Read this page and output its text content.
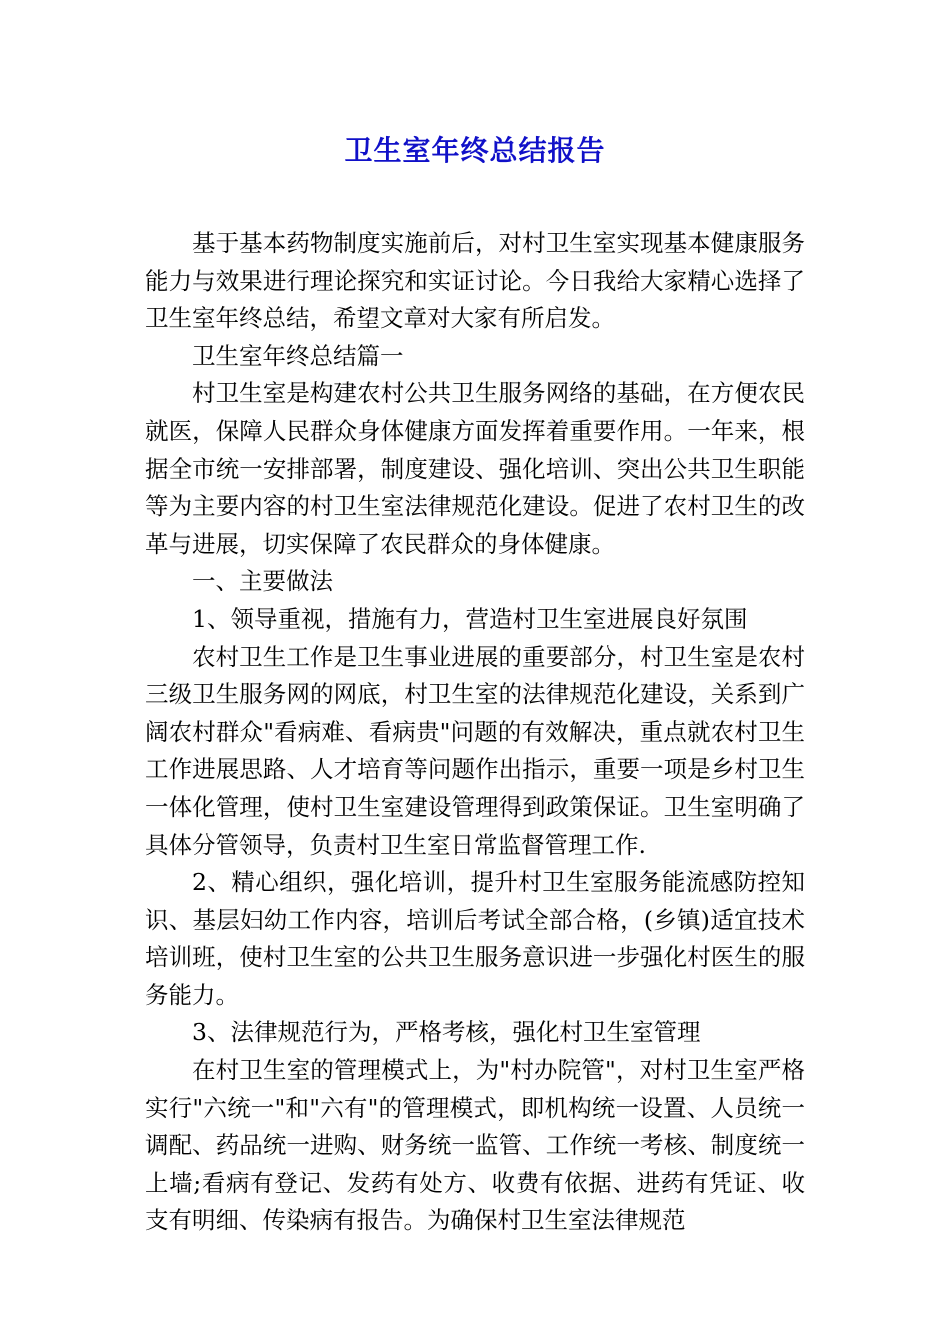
卫生室年终总结报告

基于基本药物制度实施前后，对村卫生室实现基本健康服务能力与效果进行理论探究和实证讨论。今日我给大家精心选择了卫生室年终总结，希望文章对大家有所启发。

卫生室年终总结篇一

村卫生室是构建农村公共卫生服务网络的基础，在方便农民就医，保障人民群众身体健康方面发挥着重要作用。一年来，根据全市统一安排部署，制度建设、强化培训、突出公共卫生职能等为主要内容的村卫生室法律规范化建设。促进了农村卫生的改革与进展，切实保障了农民群众的身体健康。

一、主要做法

1、领导重视，措施有力，营造村卫生室进展良好氛围

农村卫生工作是卫生事业进展的重要部分，村卫生室是农村三级卫生服务网的网底，村卫生室的法律规范化建设，关系到广阔农村群众"看病难、看病贵"问题的有效解决，重点就农村卫生工作进展思路、人才培育等问题作出指示，重要一项是乡村卫生一体化管理，使村卫生室建设管理得到政策保证。卫生室明确了具体分管领导，负责村卫生室日常监督管理工作.

2、精心组织，强化培训，提升村卫生室服务能流感防控知识、基层妇幼工作内容，培训后考试全部合格，(乡镇)适宜技术培训班，使村卫生室的公共卫生服务意识进一步强化村医生的服务能力。

3、法律规范行为，严格考核，强化村卫生室管理

在村卫生室的管理模式上，为"村办院管"，对村卫生室严格实行"六统一"和"六有"的管理模式，即机构统一设置、人员统一调配、药品统一进购、财务统一监管、工作统一考核、制度统一上墙;看病有登记、发药有处方、收费有依据、进药有凭证、收支有明细、传染病有报告。为确保村卫生室法律规范
